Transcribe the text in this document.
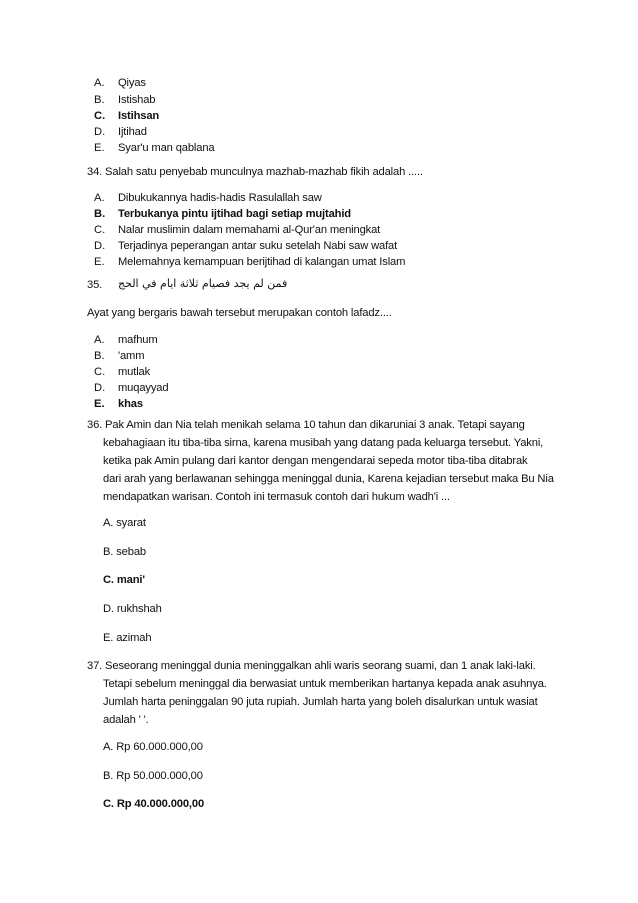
A. Qiyas
B. Istishab
C. Istihsan
D. Ijtihad
E. Syar'u man qablana
34. Salah satu penyebab munculnya mazhab-mazhab fikih adalah .....
A. Dibukukannya hadis-hadis Rasulallah saw
B. Terbukanya pintu ijtihad bagi setiap mujtahid
C. Nalar muslimin dalam memahami al-Qur'an meningkat
D. Terjadinya peperangan antar suku setelah Nabi saw wafat
E. Melemahnya kemampuan berijtihad di kalangan umat Islam
35. فمن لم يجد فصيام ثلاثة ايام في الحج
Ayat yang bergaris bawah tersebut merupakan contoh lafadz....
A. mafhum
B. 'amm
C. mutlak
D. muqayyad
E. khas
36. Pak Amin dan Nia telah menikah selama 10 tahun dan dikaruniai 3 anak. Tetapi sayang
kebahagiaan itu tiba-tiba sirna, karena musibah yang datang pada keluarga tersebut. Yakni,
ketika pak Amin pulang dari kantor dengan mengendarai sepeda motor tiba-tiba ditabrak
dari arah yang berlawanan sehingga meninggal dunia, Karena kejadian tersebut maka Bu Nia
mendapatkan warisan. Contoh ini termasuk contoh dari hukum wadh'i ...
A. syarat
B. sebab
C. mani'
D. rukhshah
E. azimah
37. Seseorang meninggal dunia meninggalkan ahli waris seorang suami, dan 1 anak laki-laki.
Tetapi sebelum meninggal dia berwasiat untuk memberikan hartanya kepada anak asuhnya.
Jumlah harta peninggalan 90 juta rupiah. Jumlah harta yang boleh disalurkan untuk wasiat
adalah ' '.
A. Rp 60.000.000,00
B. Rp 50.000.000,00
C. Rp 40.000.000,00
